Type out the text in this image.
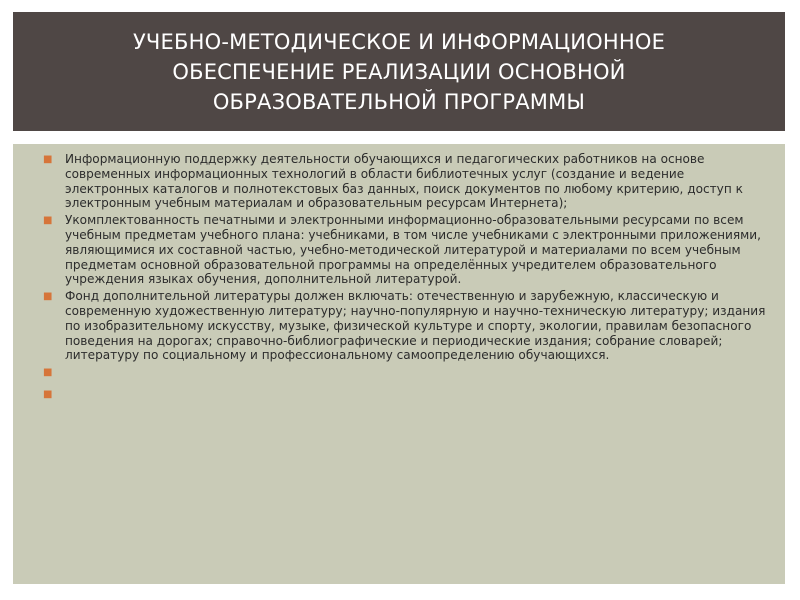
УЧЕБНО-МЕТОДИЧЕСКОЕ И ИНФОРМАЦИОННОЕ
ОБЕСПЕЧЕНИЕ РЕАЛИЗАЦИИ ОСНОВНОЙ
ОБРАЗОВАТЕЛЬНОЙ ПРОГРАММЫ
■ Информационную поддержку деятельности обучающихся и педагогических работников на основе современных информационных технологий в области библиотечных услуг (создание и ведение электронных каталогов и полнотекстовых баз данных, поиск документов по любому критерию, доступ к электронным учебным материалам и образовательным ресурсам Интернета);
■ Укомплектованность печатными и электронными информационно-образовательными ресурсами по всем учебным предметам учебного плана: учебниками, в том числе учебниками с электронными приложениями, являющимися их составной частью, учебно-методической литературой и материалами по всем учебным предметам основной образовательной программы на определённых учредителем образовательного учреждения языках обучения, дополнительной литературой.
■ Фонд дополнительной литературы должен включать: отечественную и зарубежную, классическую и современную художественную литературу; научно-популярную и научно-техническую литературу; издания по изобразительному искусству, музыке, физической культуре и спорту, экологии, правилам безопасного поведения на дорогах; справочно-библиографические и периодические издания; собрание словарей; литературу по социальному и профессиональному самоопределению обучающихся.
■
■
